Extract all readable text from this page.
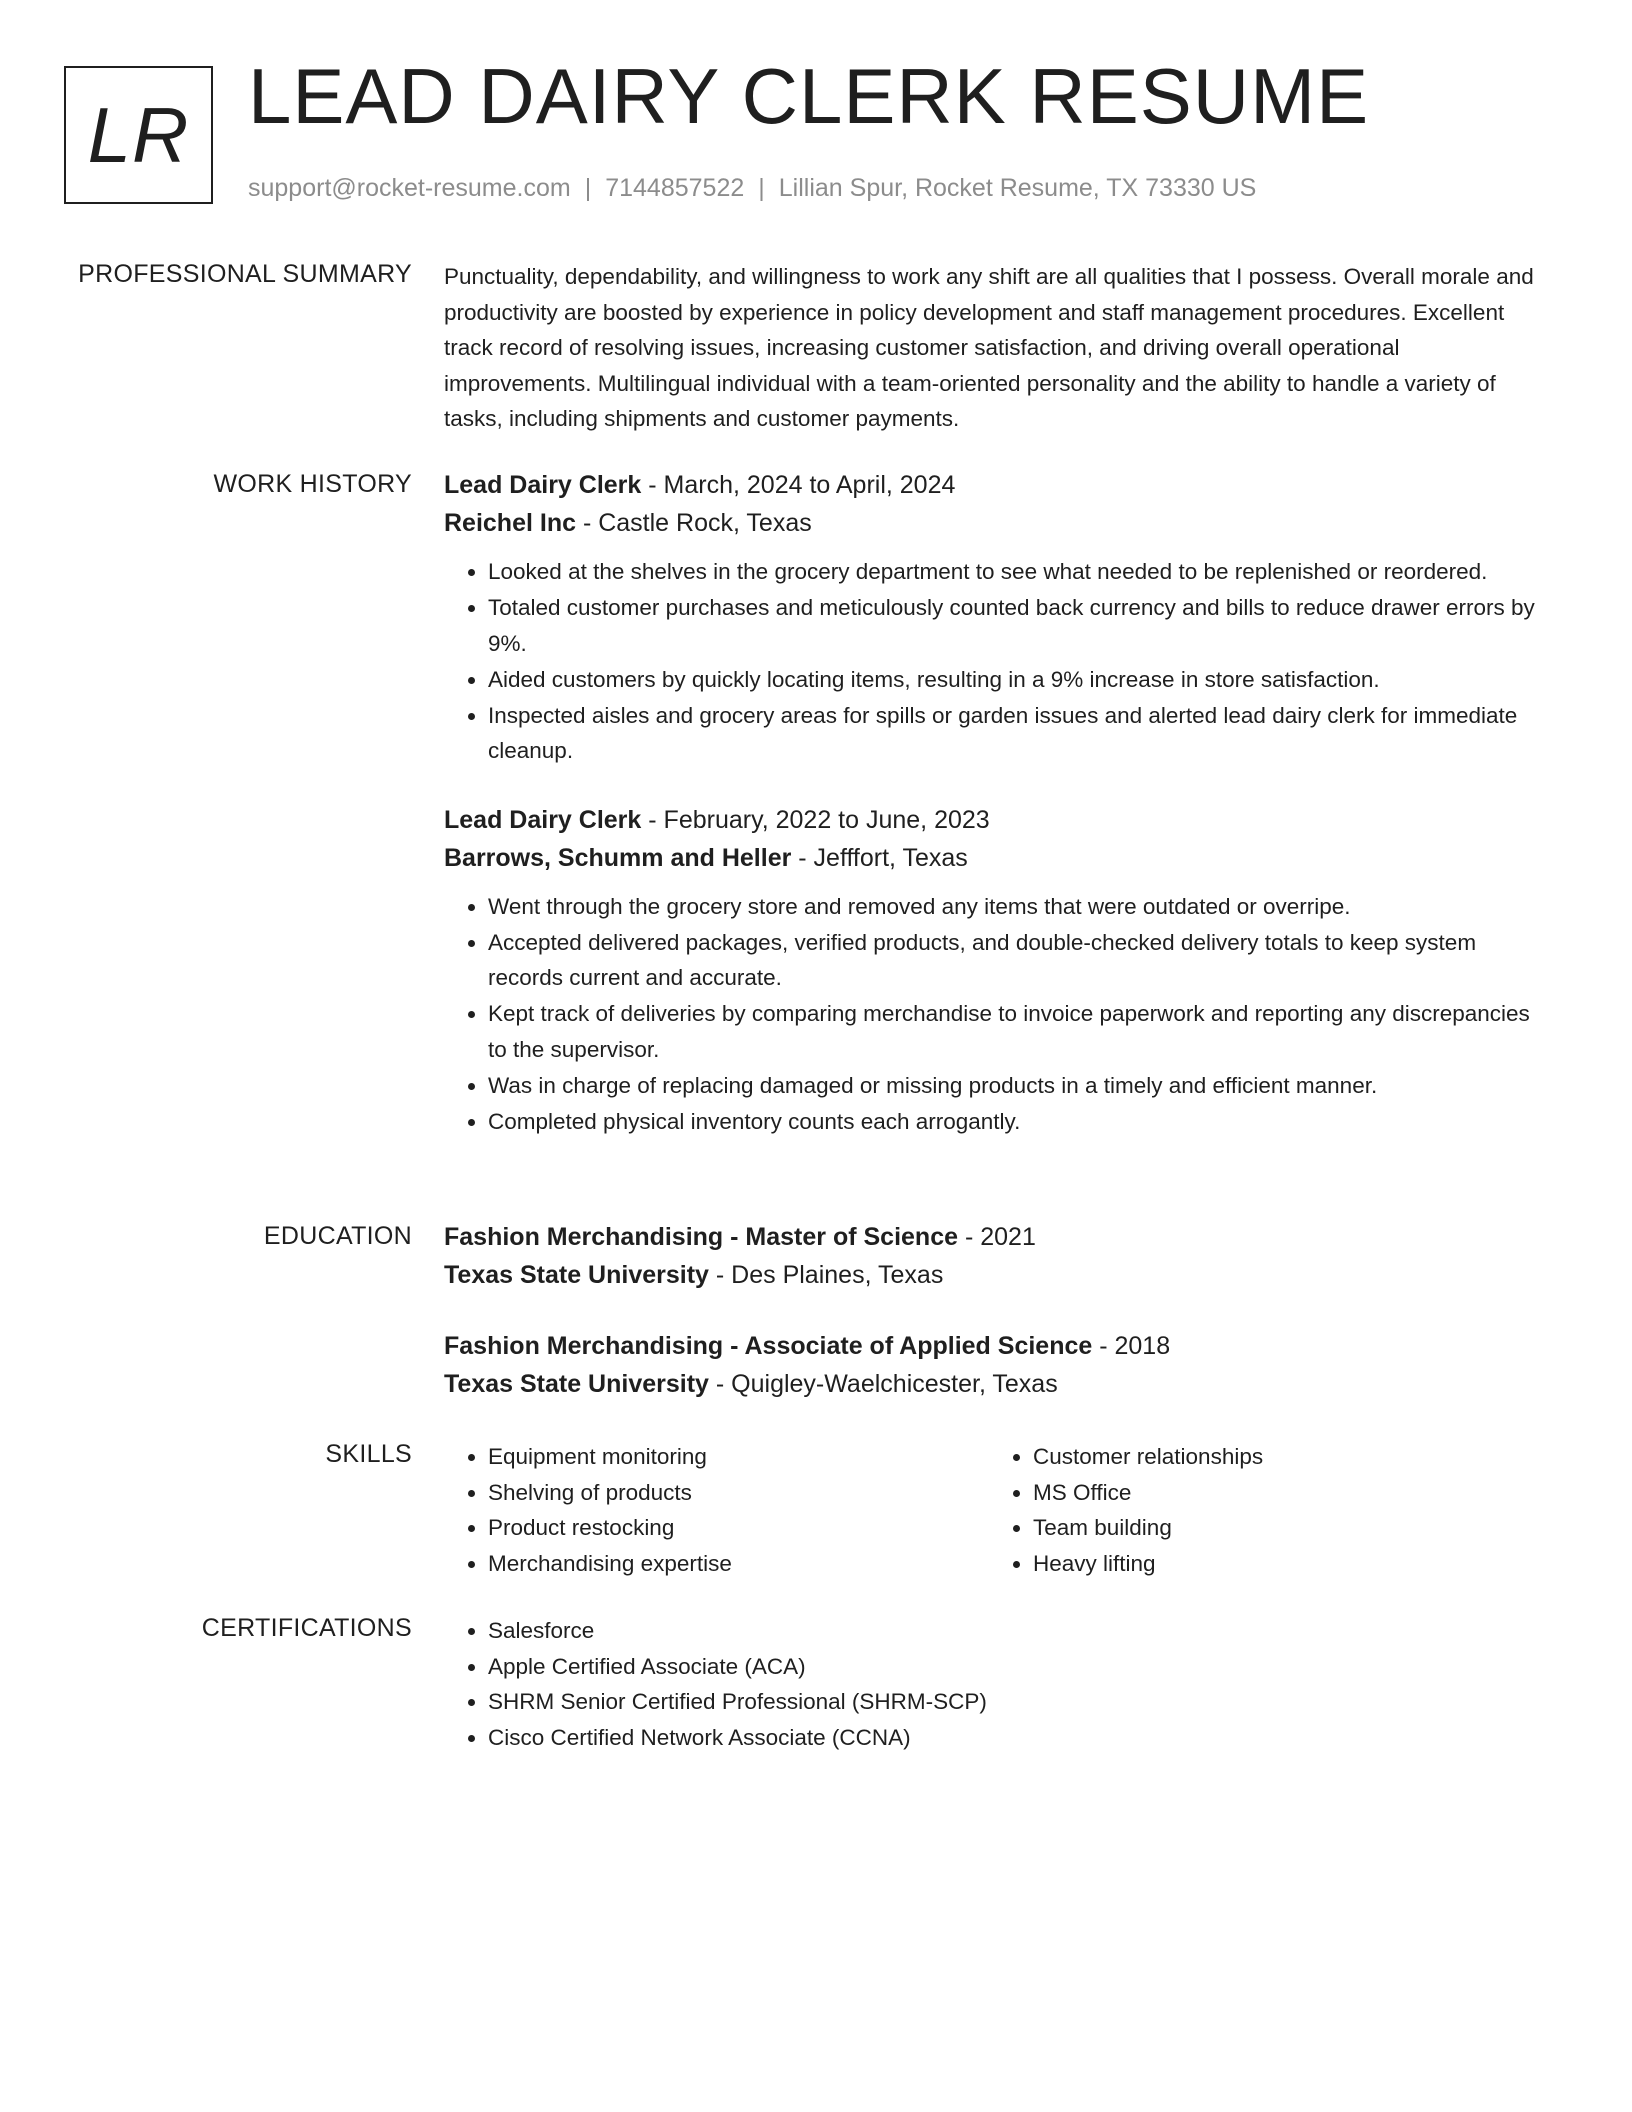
LR LEAD DAIRY CLERK RESUME
support@rocket-resume.com | 7144857522 | Lillian Spur, Rocket Resume, TX 73330 US
PROFESSIONAL SUMMARY Punctuality, dependability, and willingness to work any shift are all qualities that I possess. Overall morale and productivity are boosted by experience in policy development and staff management procedures. Excellent track record of resolving issues, increasing customer satisfaction, and driving overall operational improvements. Multilingual individual with a team-oriented personality and the ability to handle a variety of tasks, including shipments and customer payments.
WORK HISTORY Lead Dairy Clerk - March, 2024 to April, 2024
Reichel Inc - Castle Rock, Texas
• Looked at the shelves in the grocery department to see what needed to be replenished or reordered.
• Totaled customer purchases and meticulously counted back currency and bills to reduce drawer errors by 9%.
• Aided customers by quickly locating items, resulting in a 9% increase in store satisfaction.
• Inspected aisles and grocery areas for spills or garden issues and alerted lead dairy clerk for immediate cleanup.
Lead Dairy Clerk - February, 2022 to June, 2023
Barrows, Schumm and Heller - Jefffort, Texas
• Went through the grocery store and removed any items that were outdated or overripe.
• Accepted delivered packages, verified products, and double-checked delivery totals to keep system records current and accurate.
• Kept track of deliveries by comparing merchandise to invoice paperwork and reporting any discrepancies to the supervisor.
• Was in charge of replacing damaged or missing products in a timely and efficient manner.
• Completed physical inventory counts each arrogantly.
EDUCATION Fashion Merchandising - Master of Science - 2021
Texas State University - Des Plaines, Texas
Fashion Merchandising - Associate of Applied Science - 2018
Texas State University - Quigley-Waelchicester, Texas
SKILLS	• Equipment monitoring
• Shelving of products
• Product restocking
• Merchandising expertise
• Customer relationships
• MS Office
• Team building
• Heavy lifting
CERTIFICATIONS	• Salesforce
• Apple Certified Associate (ACA)
• SHRM Senior Certified Professional (SHRM-SCP)
• Cisco Certified Network Associate (CCNA)
